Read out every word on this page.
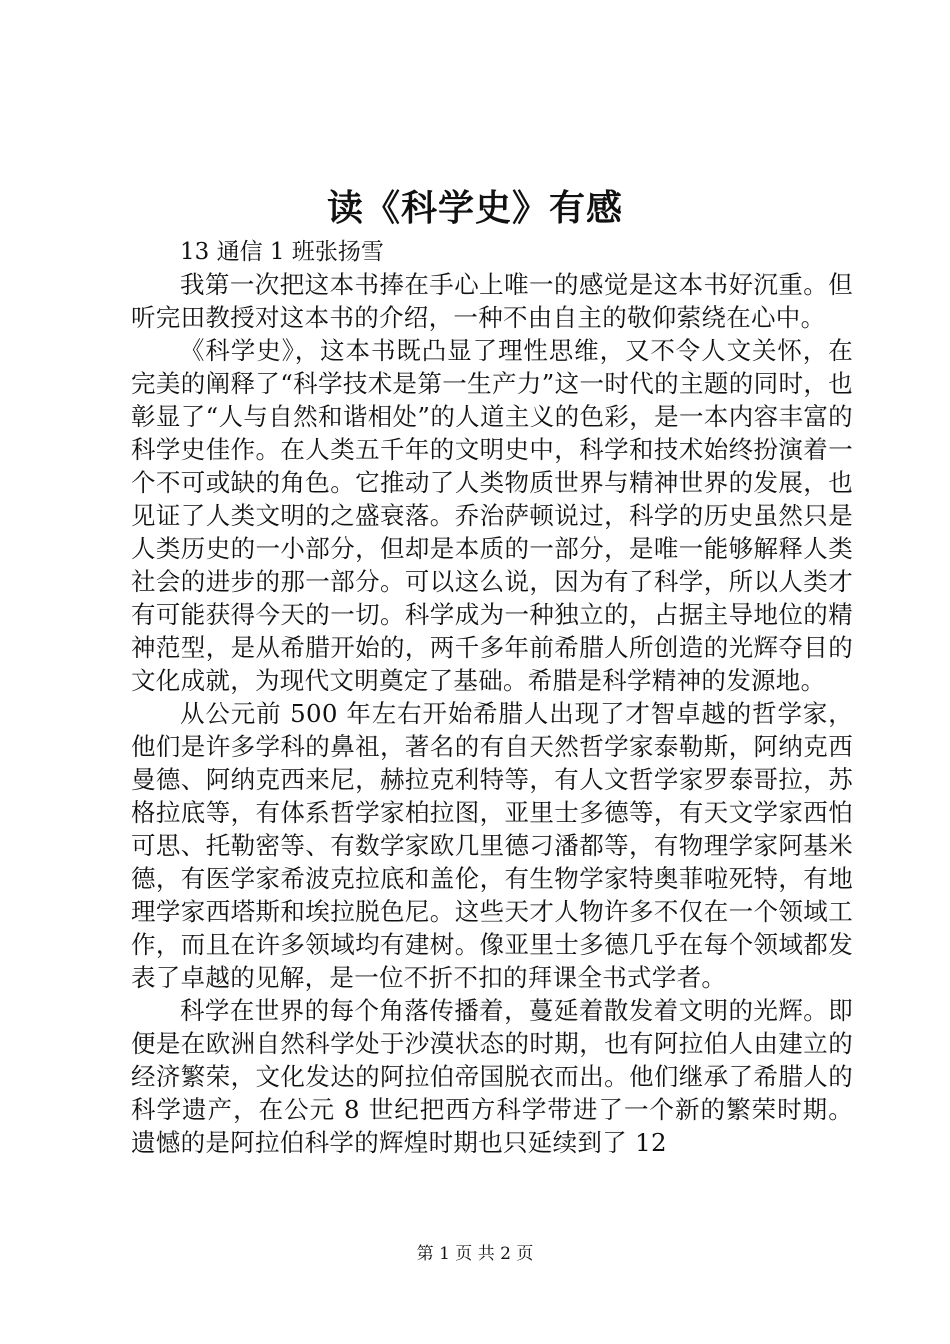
读《科学史》有感
13 通信 1 班张扬雪

我第一次把这本书捧在手心上唯一的感觉是这本书好沉重。但听完田教授对这本书的介绍，一种不由自主的敬仰萦绕在心中。

《科学史》，这本书既凸显了理性思维，又不令人文关怀，在完美的阐释了“科学技术是第一生产力”这一时代的主题的同时，也彰显了“人与自然和谐相处”的人道主义的色彩，是一本内容丰富的科学史佳作。在人类五千年的文明史中，科学和技术始终扮演着一个不可或缺的角色。它推动了人类物质世界与精神世界的发展，也见证了人类文明的之盛衰落。乔治萨顿说过，科学的历史虽然只是人类历史的一小部分，但却是本质的一部分，是唯一能够解释人类社会的进步的那一部分。可以这么说，因为有了科学，所以人类才有可能获得今天的一切。科学成为一种独立的，占据主导地位的精神范型，是从希腊开始的，两千多年前希腊人所创造的光辉夺目的文化成就，为现代文明奠定了基础。希腊是科学精神的发源地。

从公元前 500 年左右开始希腊人出现了才智卓越的哲学家，他们是许多学科的鼻祖，著名的有自天然哲学家泰勒斯，阿纳克西曼德、阿纳克西来尼，赫拉克利特等，有人文哲学家罗泰哥拉，苏格拉底等，有体系哲学家柏拉图，亚里士多德等，有天文学家西怕可思、托勒密等、有数学家欧几里德刁潘都等，有物理学家阿基米德，有医学家希波克拉底和盖伦，有生物学家特奥菲啦死特，有地理学家西塔斯和埃拉脱色尼。这些天才人物许多不仅在一个领域工作，而且在许多领域均有建树。像亚里士多德几乎在每个领域都发表了卓越的见解，是一位不折不扣的拜课全书式学者。

科学在世界的每个角落传播着，蔓延着散发着文明的光辉。即便是在欧洲自然科学处于沙漠状态的时期，也有阿拉伯人由建立的经济繁荣，文化发达的阿拉伯帝国脱衣而出。他们继承了希腊人的科学遗产，在公元 8 世纪把西方科学带进了一个新的繁荣时期。遗憾的是阿拉伯科学的辉煌时期也只延续到了 12

第 1 页 共 2 页
